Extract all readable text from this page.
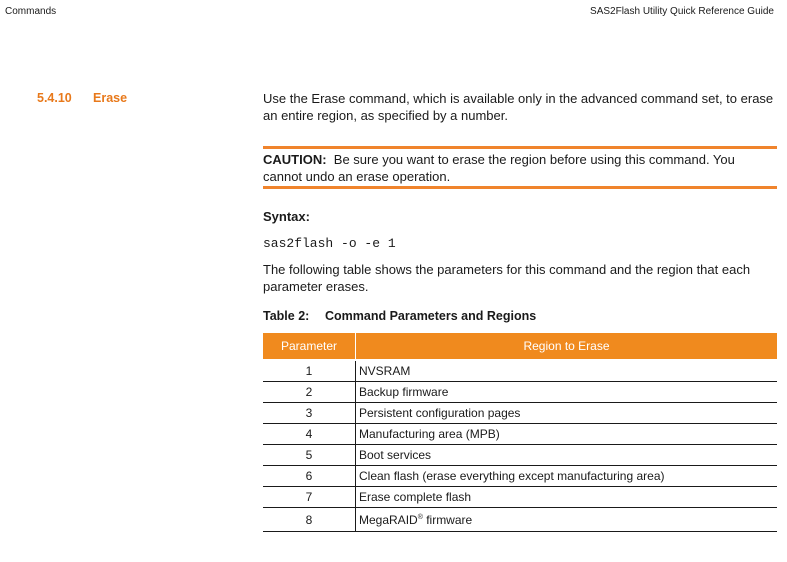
Commands	SAS2Flash Utility Quick Reference Guide
5.4.10 Erase	Use the Erase command, which is available only in the advanced command set, to erase an entire region, as specified by a number.
CAUTION: Be sure you want to erase the region before using this command. You cannot undo an erase operation.
Syntax:
sas2flash -o -e 1
The following table shows the parameters for this command and the region that each parameter erases.
Table 2: Command Parameters and Regions
Parameter	Region to Erase
1	NVSRAM
2	Backup firmware
3	Persistent configuration pages
4	Manufacturing area (MPB)
5	Boot services
6	Clean flash (erase everything except manufacturing area)
7	Erase complete flash
8	MegaRAID® firmware
